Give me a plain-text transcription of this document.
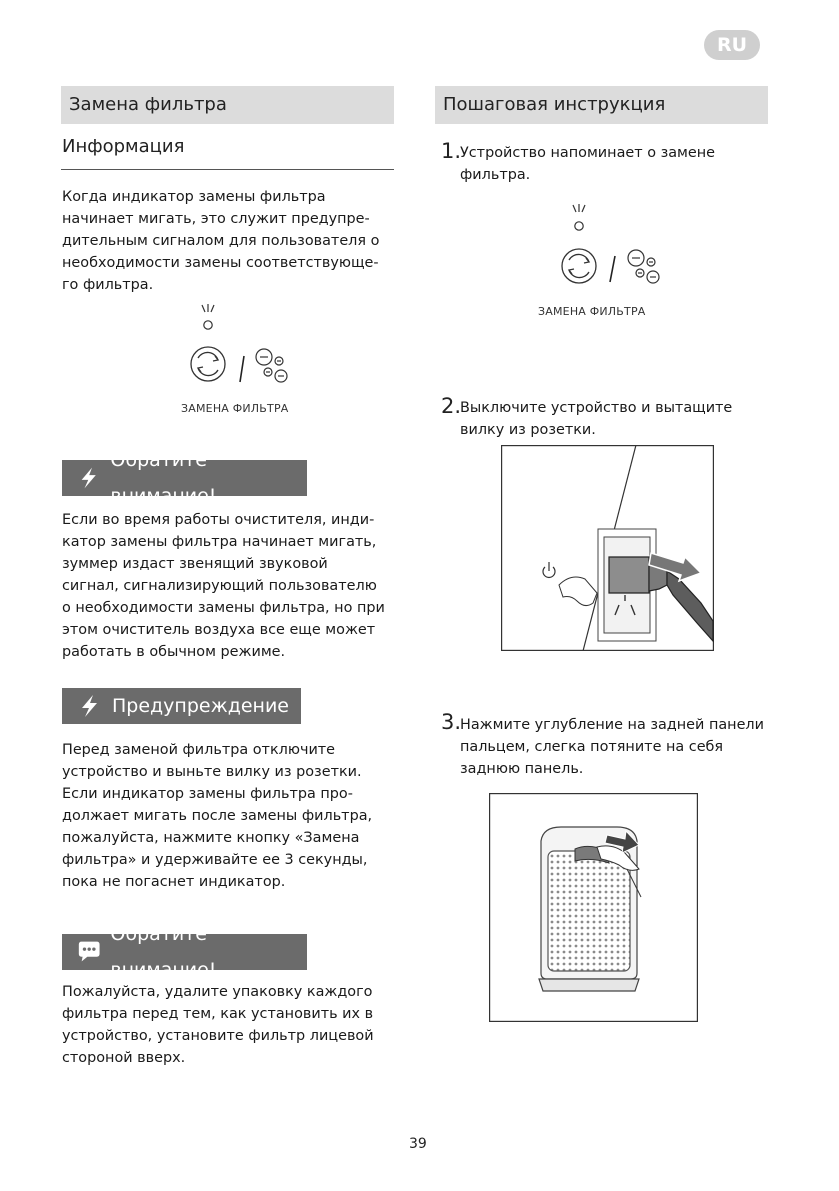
RU
Замена фильтра
Информация
Когда индикатор замены фильтра
начинает мигать, это служит предупре-
дительным сигналом для пользователя о
необходимости замены соответствующе-
го фильтра.
ЗАМЕНА ФИЛЬТРА
Обратите внимание!
Если во время работы очистителя, инди-
катор замены фильтра начинает мигать,
зуммер издаст звенящий звуковой
сигнал, сигнализирующий пользователю
о необходимости замены фильтра, но при
этом очиститель воздуха все еще может
работать в обычном режиме.
Предупреждение
Перед заменой фильтра отключите
устройство и выньте вилку из розетки.
Если индикатор замены фильтра про-
должает мигать после замены фильтра,
пожалуйста, нажмите кнопку «Замена
фильтра» и удерживайте ее 3 секунды,
пока не погаснет индикатор.
Обратите внимание!
Пожалуйста, удалите упаковку каждого
фильтра перед тем, как установить их в
устройство, установите фильтр лицевой
стороной вверх.
Пошаговая инструкция
1.
Устройство напоминает о замене
фильтра.
ЗАМЕНА ФИЛЬТРА
2.
Выключите устройство и вытащите
вилку из розетки.
3.
Нажмите углубление на задней панели
пальцем, слегка потяните на себя
заднюю панель.
39
